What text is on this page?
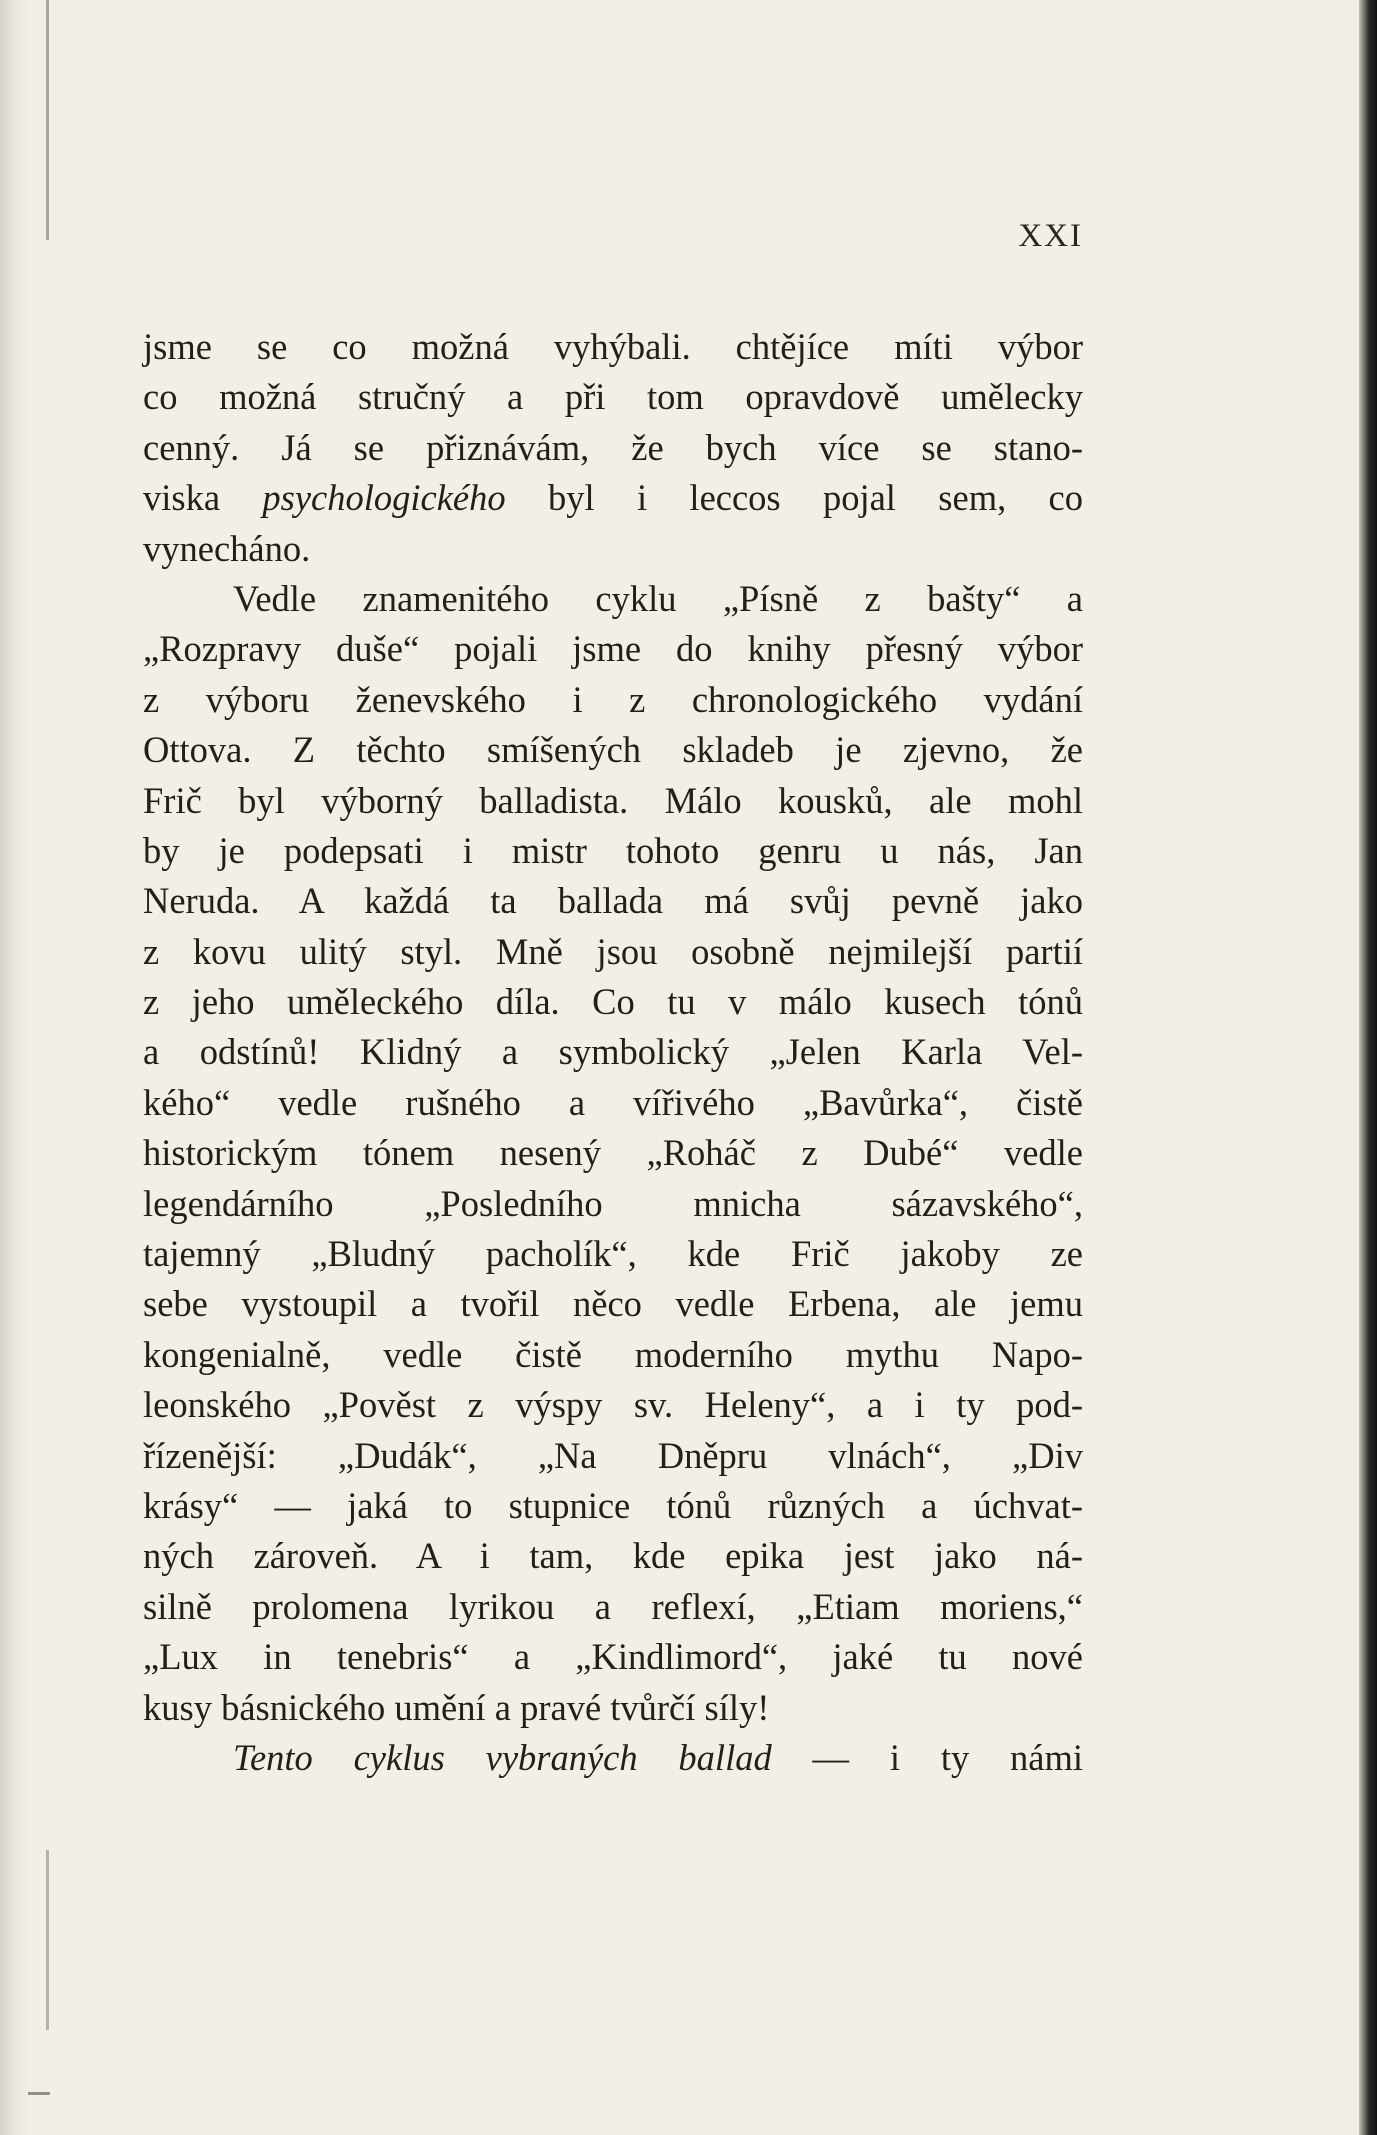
XXI
jsme se co možná vyhýbali. chtějíce míti výbor
co možná stručný a při tom opravdově umělecky
cenný. Já se přiznávám, že bych více se stano-
viska psychologického byl i leccos pojal sem, co
vynecháno.
Vedle znamenitého cyklu „Písně z bašty“ a
„Rozpravy duše“ pojali jsme do knihy přesný výbor
z výboru ženevského i z chronologického vydání
Ottova. Z těchto smíšených skladeb je zjevno, že
Frič byl výborný balladista. Málo kousků, ale mohl
by je podepsati i mistr tohoto genru u nás, Jan
Neruda. A každá ta ballada má svůj pevně jako
z kovu ulitý styl. Mně jsou osobně nejmilejší partií
z jeho uměleckého díla. Co tu v málo kusech tónů
a odstínů! Klidný a symbolický „Jelen Karla Vel-
kého“ vedle rušného a vířivého „Bavůrka“, čistě
historickým tónem nesený „Roháč z Dubé“ vedle
legendárního „Posledního mnicha sázavského“,
tajemný „Bludný pacholík“, kde Frič jakoby ze
sebe vystoupil a tvořil něco vedle Erbena, ale jemu
kongenialně, vedle čistě moderního mythu Napo-
leonského „Pověst z výspy sv. Heleny“, a i ty pod-
řízenější: „Dudák“, „Na Dněpru vlnách“, „Div
krásy“ — jaká to stupnice tónů různých a úchvat-
ných zároveň. A i tam, kde epika jest jako ná-
silně prolomena lyrikou a reflexí, „Etiam moriens,“
„Lux in tenebris“ a „Kindlimord“, jaké tu nové
kusy básnického umění a pravé tvůrčí síly!
Tento cyklus vybraných ballad — i ty námi
